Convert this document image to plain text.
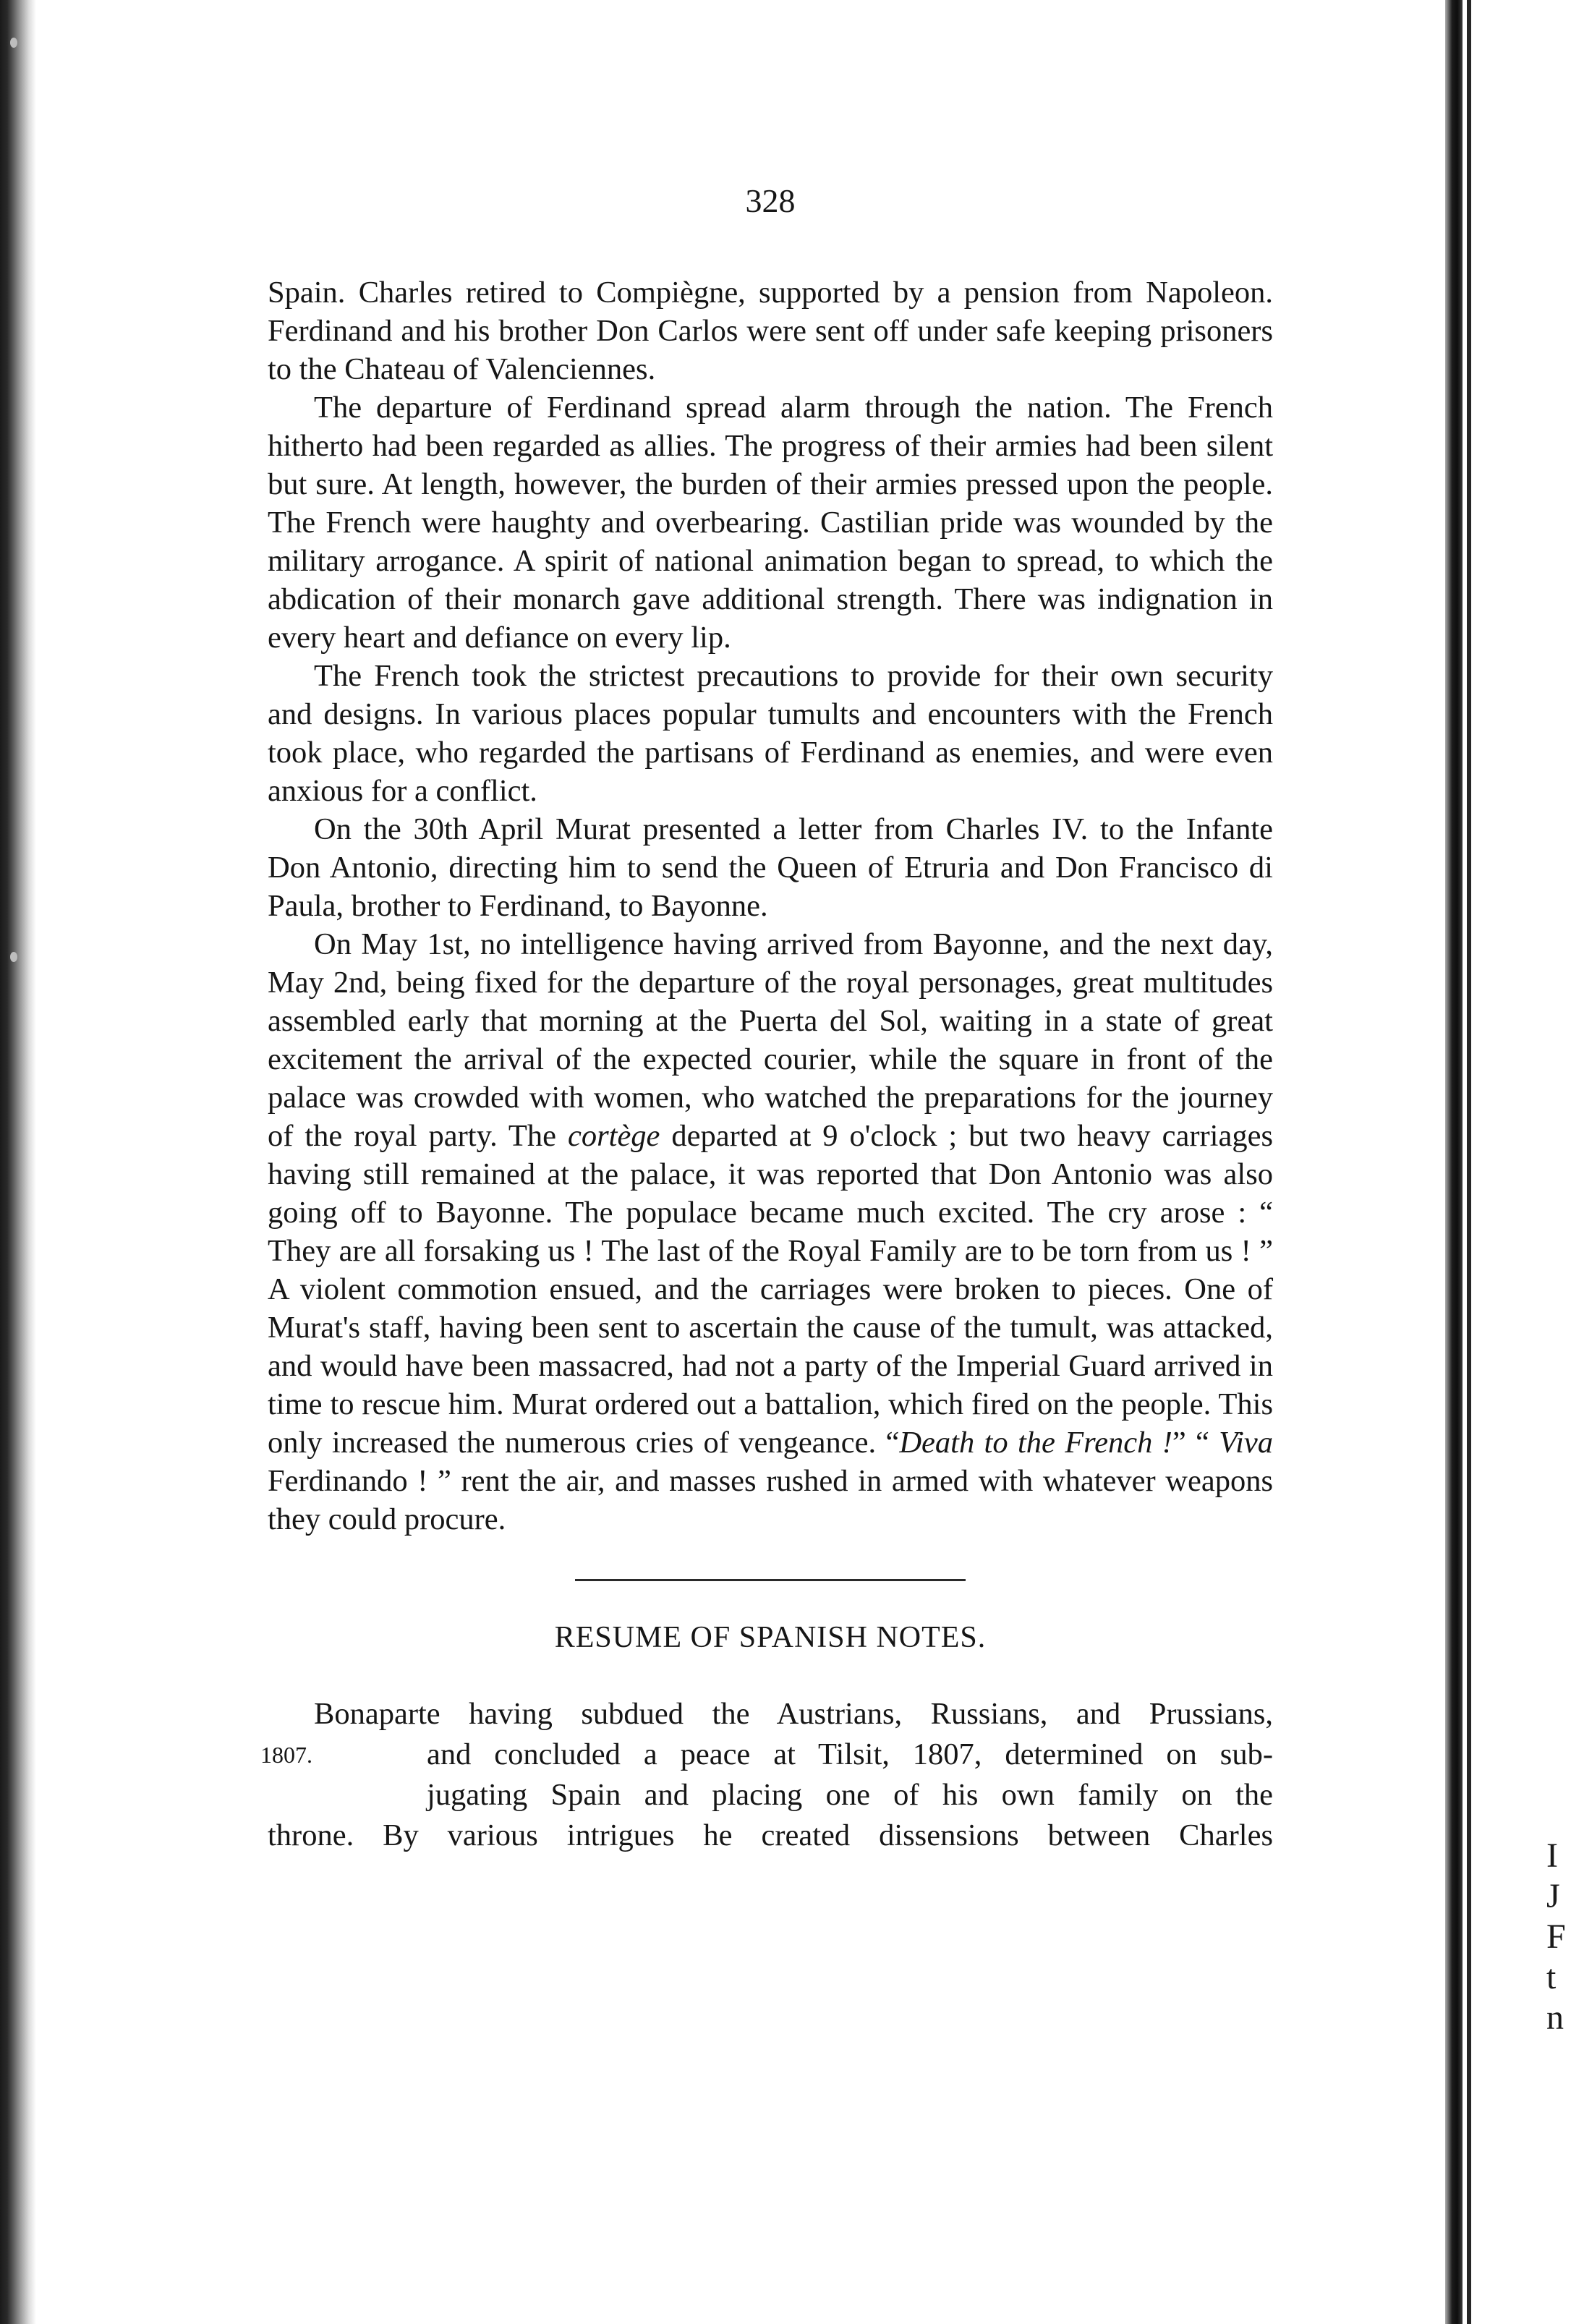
I
J
F
t
n
328

Spain. Charles retired to Compiègne, supported by a pension from Napoleon. Ferdinand and his brother Don Carlos were sent off under safe keeping prisoners to the Chateau of Valenciennes.

The departure of Ferdinand spread alarm through the nation. The French hitherto had been regarded as allies. The progress of their armies had been silent but sure. At length, however, the burden of their armies pressed upon the people. The French were haughty and overbearing. Castilian pride was wounded by the military arrogance. A spirit of national animation began to spread, to which the abdication of their monarch gave additional strength. There was indignation in every heart and defiance on every lip.

The French took the strictest precautions to provide for their own security and designs. In various places popular tumults and encounters with the French took place, who regarded the partisans of Ferdinand as enemies, and were even anxious for a conflict.

On the 30th April Murat presented a letter from Charles IV. to the Infante Don Antonio, directing him to send the Queen of Etruria and Don Francisco di Paula, brother to Ferdinand, to Bayonne.

On May 1st, no intelligence having arrived from Bayonne, and the next day, May 2nd, being fixed for the departure of the royal personages, great multitudes assembled early that morning at the Puerta del Sol, waiting in a state of great excitement the arrival of the expected courier, while the square in front of the palace was crowded with women, who watched the preparations for the journey of the royal party. The cortège departed at 9 o'clock ; but two heavy carriages having still remained at the palace, it was reported that Don Antonio was also going off to Bayonne. The populace became much excited. The cry arose : “ They are all forsaking us ! The last of the Royal Family are to be torn from us ! ” A violent commotion ensued, and the carriages were broken to pieces. One of Murat's staff, having been sent to ascertain the cause of the tumult, was attacked, and would have been massacred, had not a party of the Imperial Guard arrived in time to rescue him. Murat ordered out a battalion, which fired on the people. This only increased the numerous cries of vengeance. “Death to the French !” “ Viva Ferdinando ! ” rent the air, and masses rushed in armed with whatever weapons they could procure.

RESUME OF SPANISH NOTES.
1807.
Bonaparte having subdued the Austrians, Russians, and Prussians,
and concluded a peace at Tilsit, 1807, determined on sub-
jugating Spain and placing one of his own family on the
throne. By various intrigues he created dissensions between Charles
